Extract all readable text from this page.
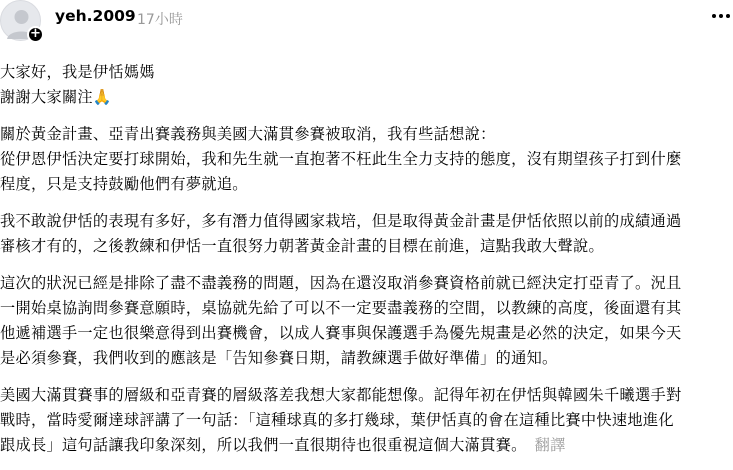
+
yeh.2009 17小時
大家好，我是伊恬媽媽
謝謝大家關注🙏
關於黃金計畫、亞青出賽義務與美國大滿貫參賽被取消，我有些話想說：
從伊恩伊恬決定要打球開始，我和先生就一直抱著不枉此生全力支持的態度，沒有期望孩子打到什麼
程度，只是支持鼓勵他們有夢就追。
我不敢說伊恬的表現有多好，多有潛力值得國家栽培，但是取得黃金計畫是伊恬依照以前的成績通過
審核才有的，之後教練和伊恬一直很努力朝著黃金計畫的目標在前進，這點我敢大聲說。
這次的狀況已經是排除了盡不盡義務的問題，因為在還沒取消參賽資格前就已經決定打亞青了。況且
一開始桌協詢問參賽意願時，桌協就先給了可以不一定要盡義務的空間，以教練的高度，後面還有其
他遞補選手一定也很樂意得到出賽機會，以成人賽事與保護選手為優先規畫是必然的決定，如果今天
是必須參賽，我們收到的應該是「告知參賽日期，請教練選手做好準備」的通知。
美國大滿貫賽事的層級和亞青賽的層級落差我想大家都能想像。記得年初在伊恬與韓國朱千曦選手對
戰時，當時愛爾達球評講了一句話：「這種球真的多打幾球，葉伊恬真的會在這種比賽中快速地進化
跟成長」這句話讓我印象深刻，所以我們一直很期待也很重視這個大滿貫賽。 翻譯
